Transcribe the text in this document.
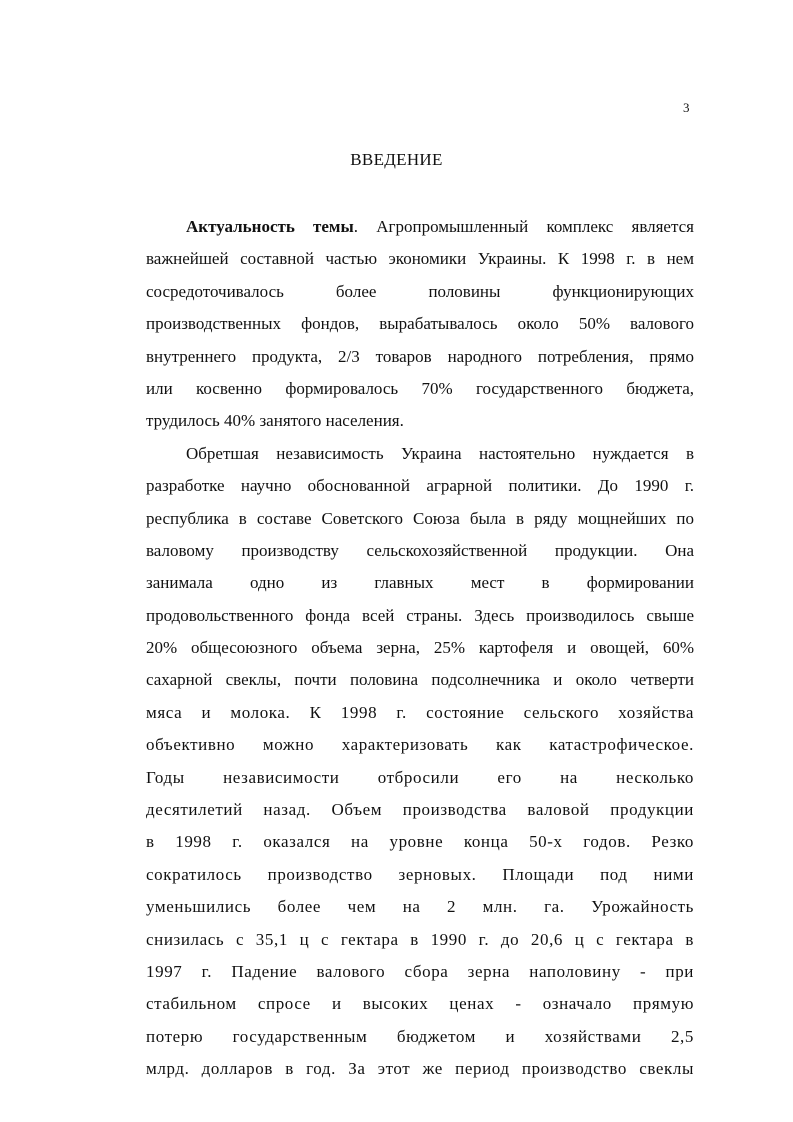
3
ВВЕДЕНИЕ
Актуальность темы. Агропромышленный комплекс является
важнейшей составной частью экономики Украины. К 1998 г. в нем
сосредоточивалось более половины функционирующих
производственных фондов, вырабатывалось около 50% валового
внутреннего продукта, 2/3 товаров народного потребления, прямо
или косвенно формировалось 70% государственного бюджета,
трудилось 40% занятого населения.
Обретшая независимость Украина настоятельно нуждается в
разработке научно обоснованной аграрной политики. До 1990 г.
республика в составе Советского Союза была в ряду мощнейших по
валовому производству сельскохозяйственной продукции. Она
занимала одно из главных мест в формировании
продовольственного фонда всей страны. Здесь производилось свыше
20% общесоюзного объема зерна, 25% картофеля и овощей, 60%
сахарной свеклы, почти половина подсолнечника и около четверти
мяса и молока. К 1998 г. состояние сельского хозяйства
объективно можно характеризовать как катастрофическое.
Годы независимости отбросили его на несколько
десятилетий назад. Объем производства валовой продукции
в 1998 г. оказался на уровне конца 50-х годов. Резко
сократилось производство зерновых. Площади под ними
уменьшились более чем на 2 млн. га. Урожайность
снизилась с 35,1 ц с гектара в 1990 г. до 20,6 ц с гектара в
1997 г. Падение валового сбора зерна наполовину - при
стабильном спросе и высоких ценах - означало прямую
потерю государственным бюджетом и хозяйствами 2,5
млрд. долларов в год. За этот же период производство свеклы
